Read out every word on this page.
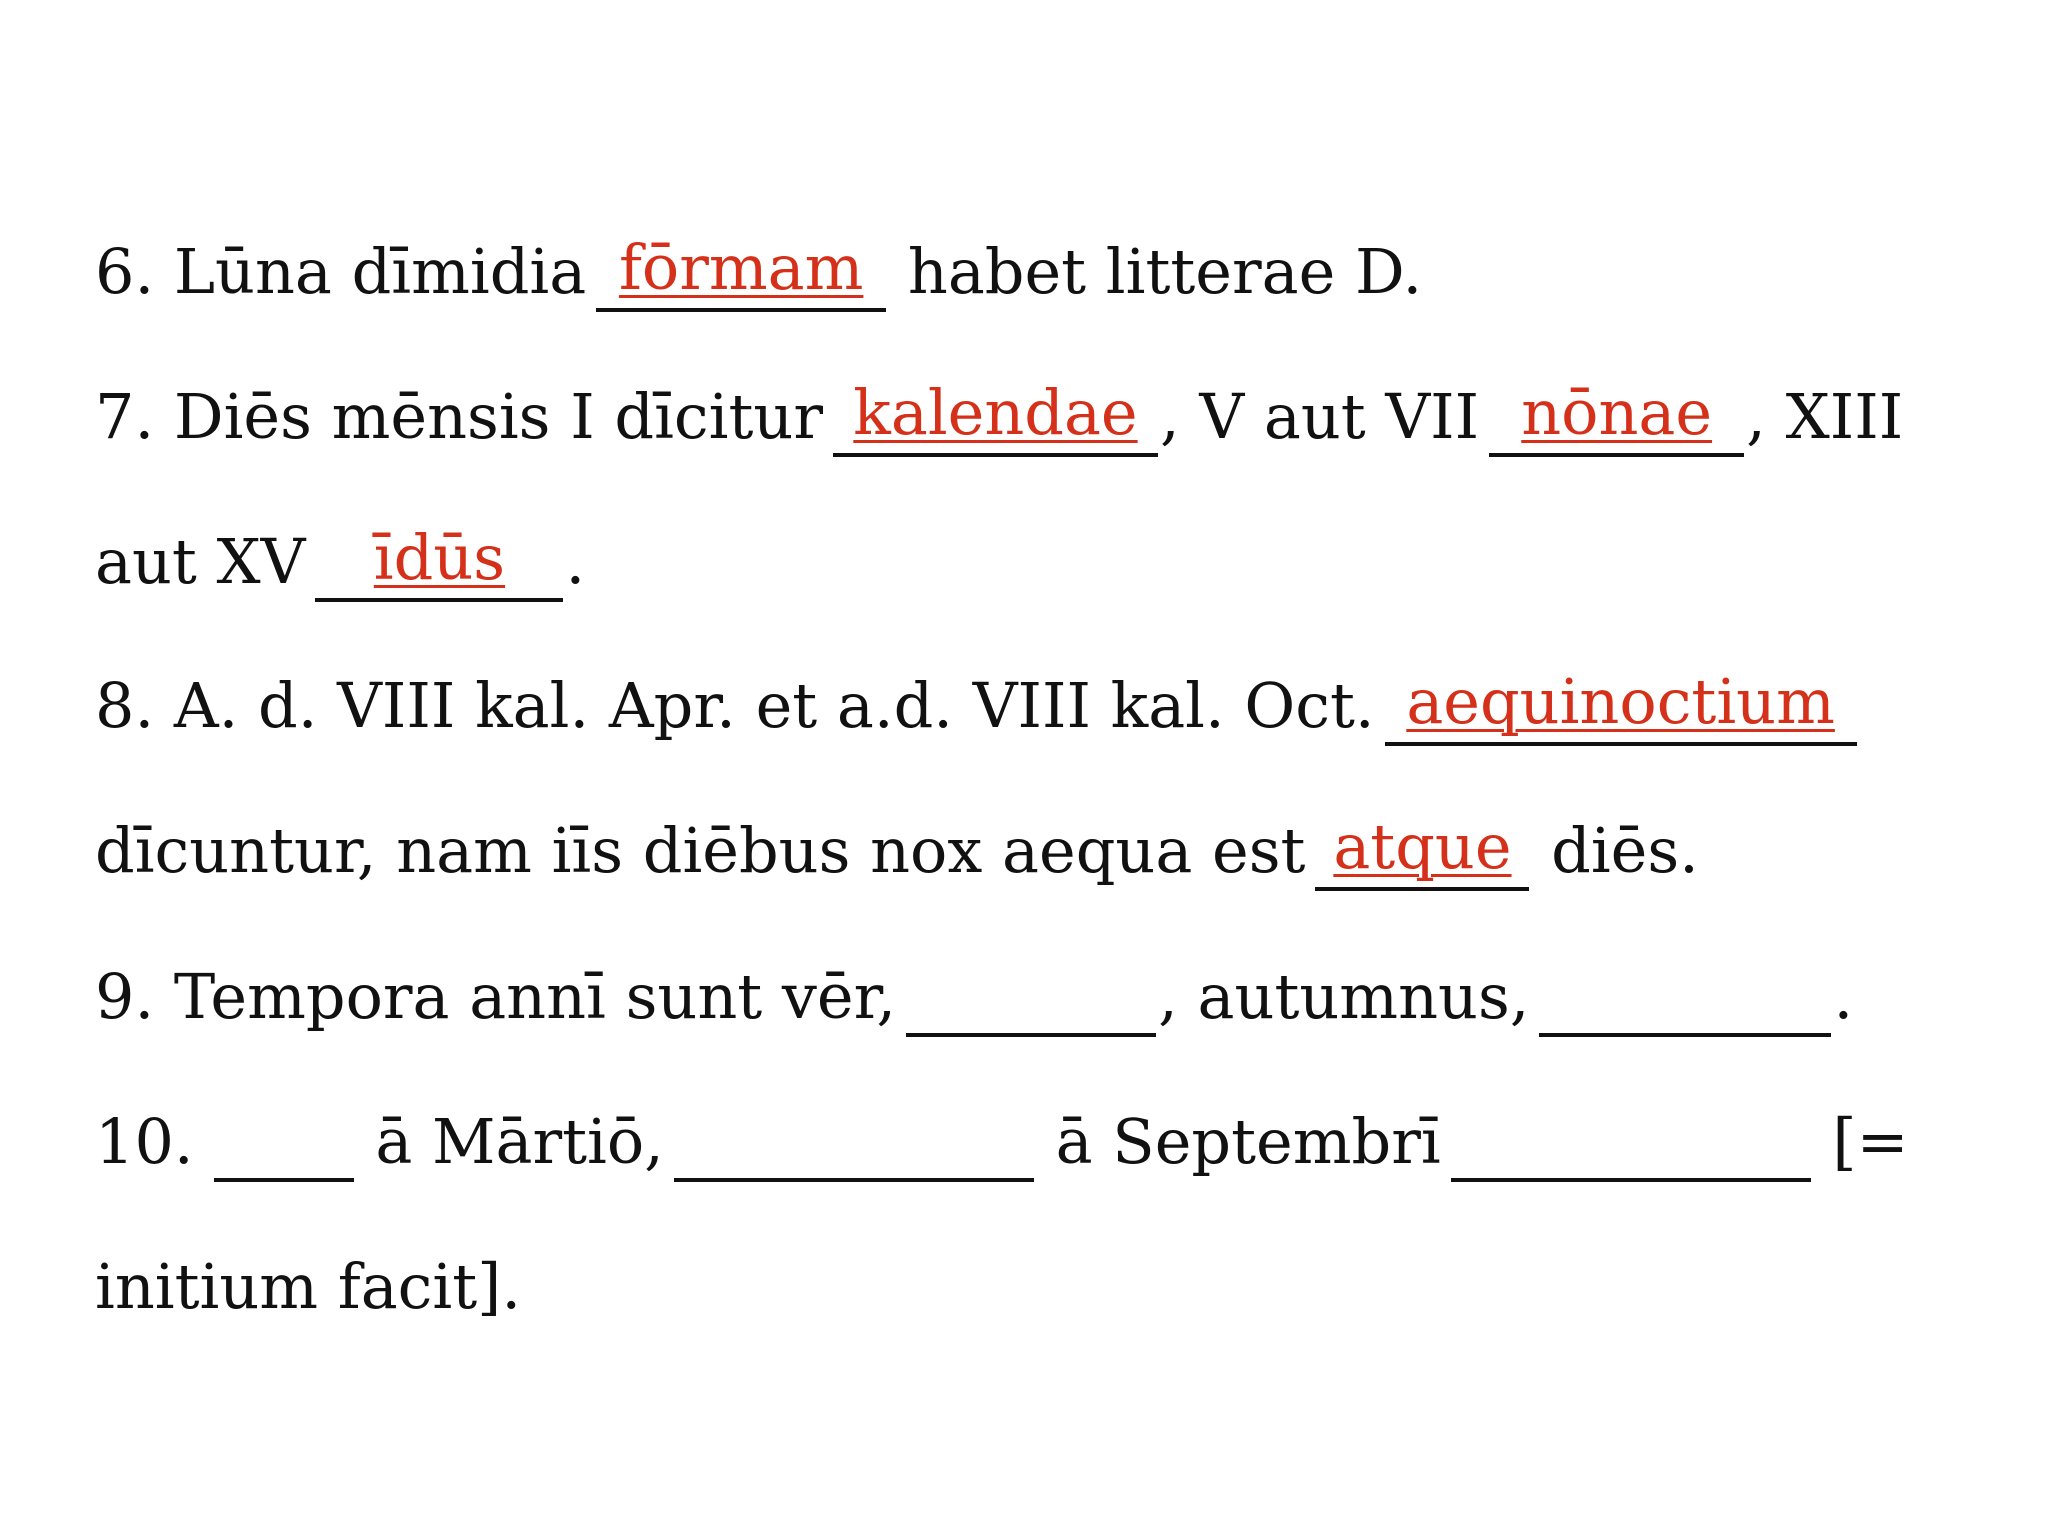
6. Lūna dīmidia fōrmam habet litterae D.
7. Diēs mēnsis I dīcitur kalendae , V aut VII nōnae , XIII
aut XV īdūs .
8. A. d. VIII kal. Apr. et a.d. VIII kal. Oct. aequinoctium
dīcuntur, nam iīs diēbus nox aequa est atque diēs.
9. Tempora annī sunt vēr,	, autumnus,	.
10.	ā Mārtiō,	ā Septembrī	[=
initium facit].
